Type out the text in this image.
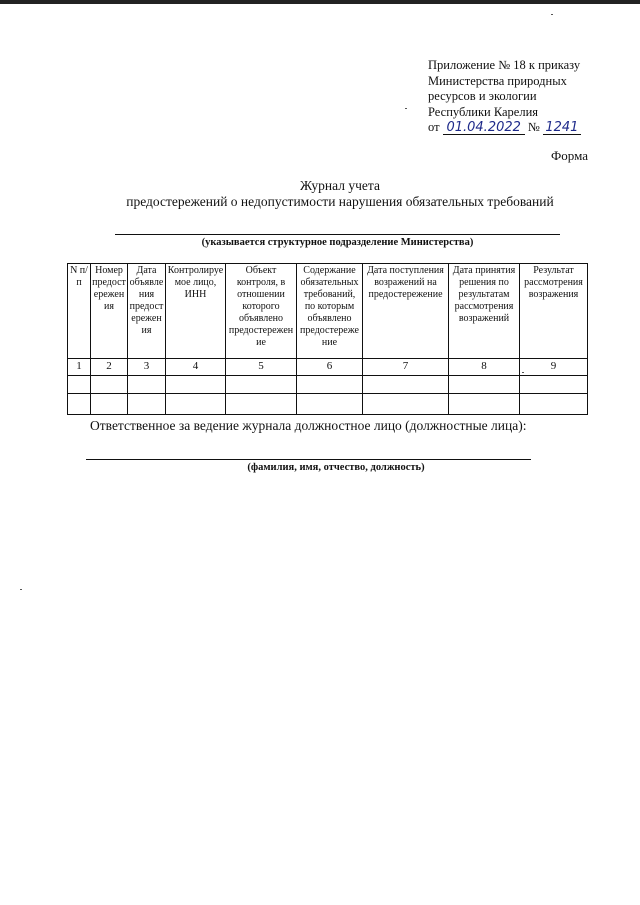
Приложение № 18 к приказу
Министерства природных
ресурсов и экологии
Республики Карелия
от 01.04.2022 № 1241
Форма
Журнал учета
предостережений о недопустимости нарушения обязательных требований
(указывается структурное подразделение Министерства)
N п/п	Номер предостережения	Дата объявления предостережения	Контролируемое лицо, ИНН	Объект контроля, в отношении которого объявлено предостережение	Содержание обязательных требований, по которым объявлено предостережение	Дата поступления возражений на предостережение	Дата принятия решения по результатам рассмотрения возражений	Результат рассмотрения возражения
1	2	3	4	5	6	7	8	9

Ответственное за ведение журнала должностное лицо (должностные лица):
(фамилия, имя, отчество, должность)
